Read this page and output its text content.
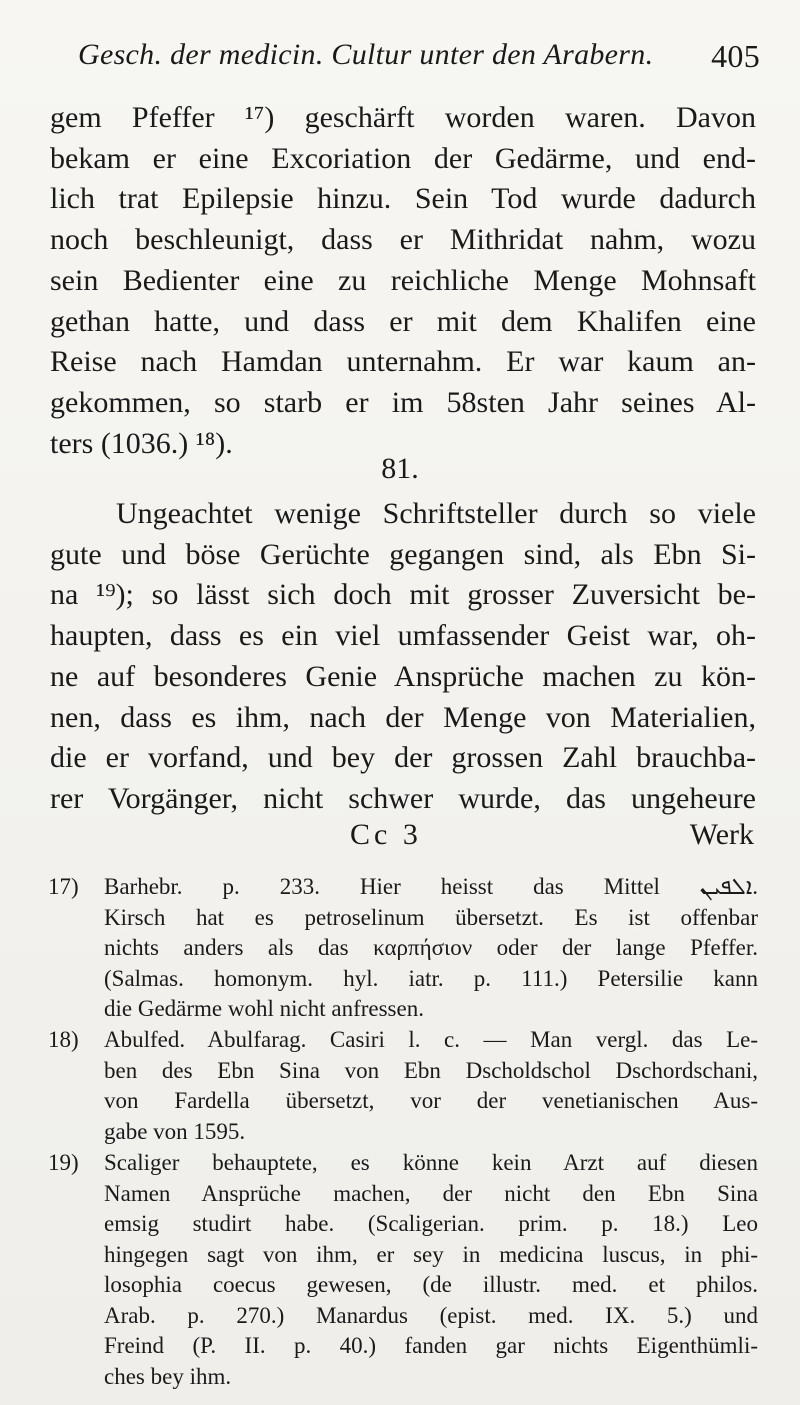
Gesch. der medicin. Cultur unter den Arabern. 405
gem Pfeffer ¹⁷) geschärft worden waren. Davon
bekam er eine Excoriation der Gedärme, und end-
lich trat Epilepsie hinzu. Sein Tod wurde dadurch
noch beschleunigt, dass er Mithridat nahm, wozu
sein Bedienter eine zu reichliche Menge Mohnsaft
gethan hatte, und dass er mit dem Khalifen eine
Reise nach Hamdan unternahm. Er war kaum an-
gekommen, so starb er im 58sten Jahr seines Al-
ters (1036.) ¹⁸).
81.
Ungeachtet wenige Schriftsteller durch so viele
gute und böse Gerüchte gegangen sind, als Ebn Si-
na ¹⁹); so lässt sich doch mit grosser Zuversicht be-
haupten, dass es ein viel umfassender Geist war, oh-
ne auf besonderes Genie Ansprüche machen zu kön-
nen, dass es ihm, nach der Menge von Materialien,
die er vorfand, und bey der grossen Zahl brauchba-
rer Vorgänger, nicht schwer wurde, das ungeheure
Cc 3	Werk
17) Barhebr. p. 233. Hier heisst das Mittel ܐܠܦܝܢ.
Kirsch hat es petroselinum übersetzt. Es ist offenbar
nichts anders als das καρπήσιον oder der lange Pfeffer.
(Salmas. homonym. hyl. iatr. p. 111.) Petersilie kann
die Gedärme wohl nicht anfressen.
18) Abulfed. Abulfarag. Casiri l. c. — Man vergl. das Le-
ben des Ebn Sina von Ebn Dscholdschol Dschordschani,
von Fardella übersetzt, vor der venetianischen Aus-
gabe von 1595.
19) Scaliger behauptete, es könne kein Arzt auf diesen
Namen Ansprüche machen, der nicht den Ebn Sina
emsig studirt habe. (Scaligerian. prim. p. 18.) Leo
hingegen sagt von ihm, er sey in medicina luscus, in phi-
losophia coecus gewesen, (de illustr. med. et philos.
Arab. p. 270.) Manardus (epist. med. IX. 5.) und
Freind (P. II. p. 40.) fanden gar nichts Eigenthümli-
ches bey ihm.
